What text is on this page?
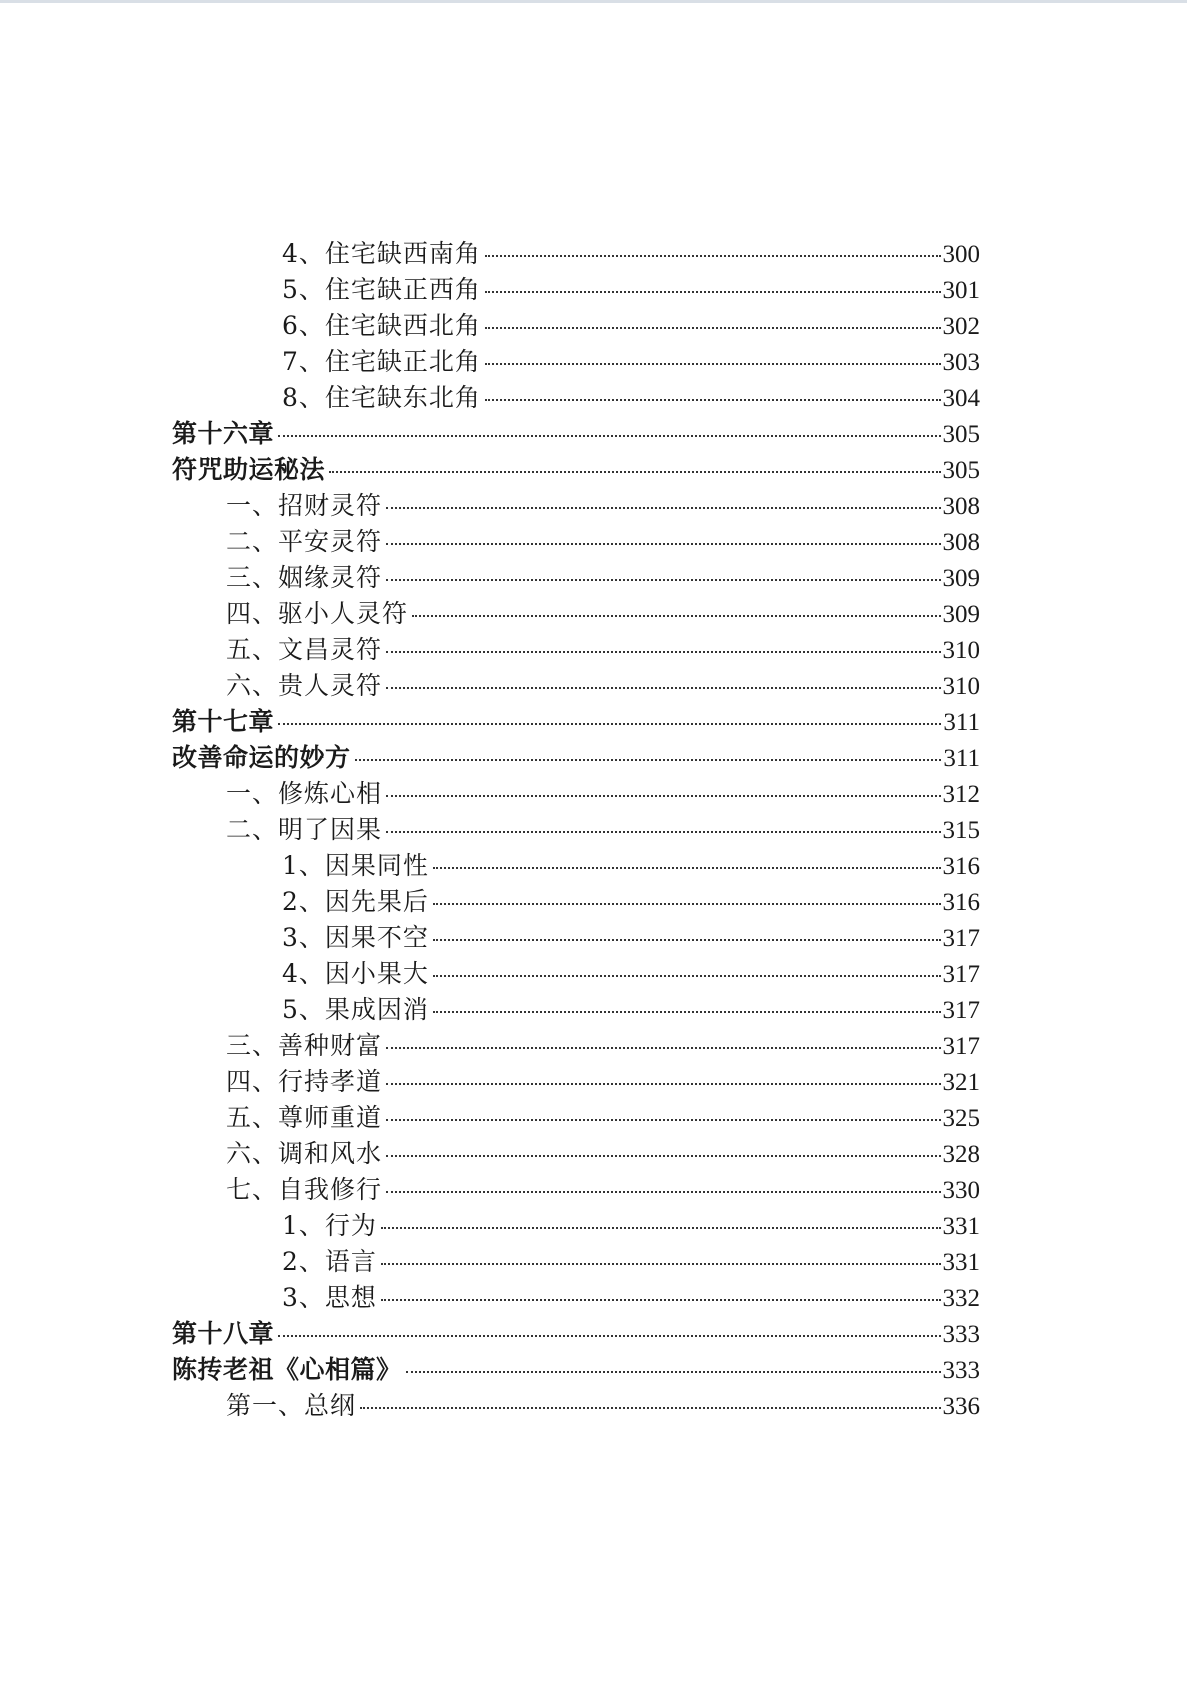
4、住宅缺西南角	300
5、住宅缺正西角	301
6、住宅缺西北角	302
7、住宅缺正北角	303
8、住宅缺东北角	304
第十六章	305
符咒助运秘法	305
一、招财灵符	308
二、平安灵符	308
三、姻缘灵符	309
四、驱小人灵符	309
五、文昌灵符	310
六、贵人灵符	310
第十七章	311
改善命运的妙方	311
一、修炼心相	312
二、明了因果	315
1、因果同性	316
2、因先果后	316
3、因果不空	317
4、因小果大	317
5、果成因消	317
三、善种财富	317
四、行持孝道	321
五、尊师重道	325
六、调和风水	328
七、自我修行	330
1、行为	331
2、语言	331
3、思想	332
第十八章	333
陈抟老祖《心相篇》	333
第一、总纲	336
